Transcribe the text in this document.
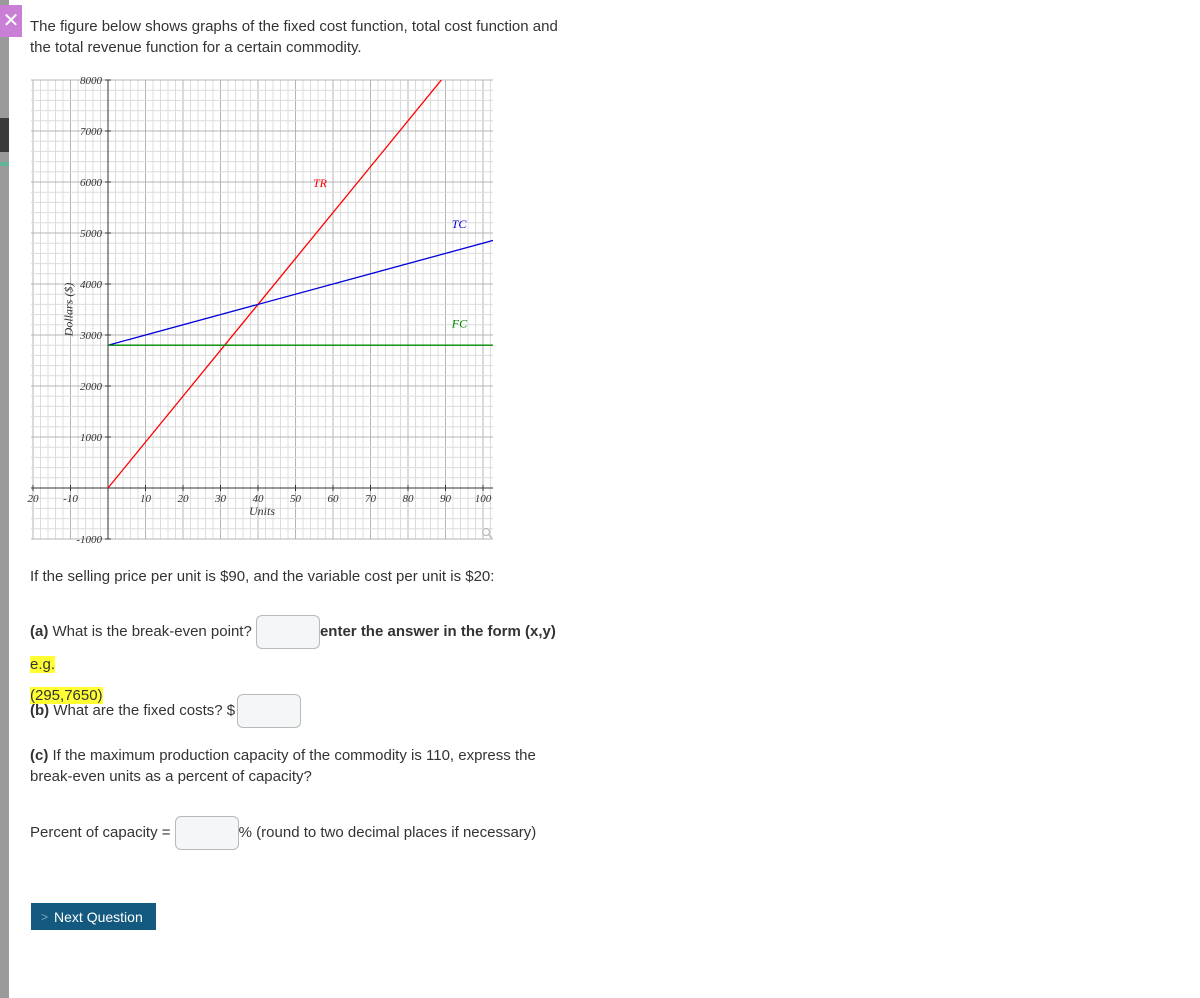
✕ The figure below shows graphs of the fixed cost function, total cost function and the total revenue function for a certain commodity.
20 -10	10 20 30 40 50 60 70 80 90 100
-1000
1000
2000
3000
4000
5000
6000
7000
8000
Units
Dollars ($)
TR
TC
FC
If the selling price per unit is $90, and the variable cost per unit is $20:
(a) What is the break-even point?	enter the answer in the form (x,y) e.g.
(295,7650)
(b) What are the fixed costs? $
(c) If the maximum production capacity of the commodity is 110, express the break-even units as a percent of capacity?
Percent of capacity =	% (round to two decimal places if necessary)
> Next Question
